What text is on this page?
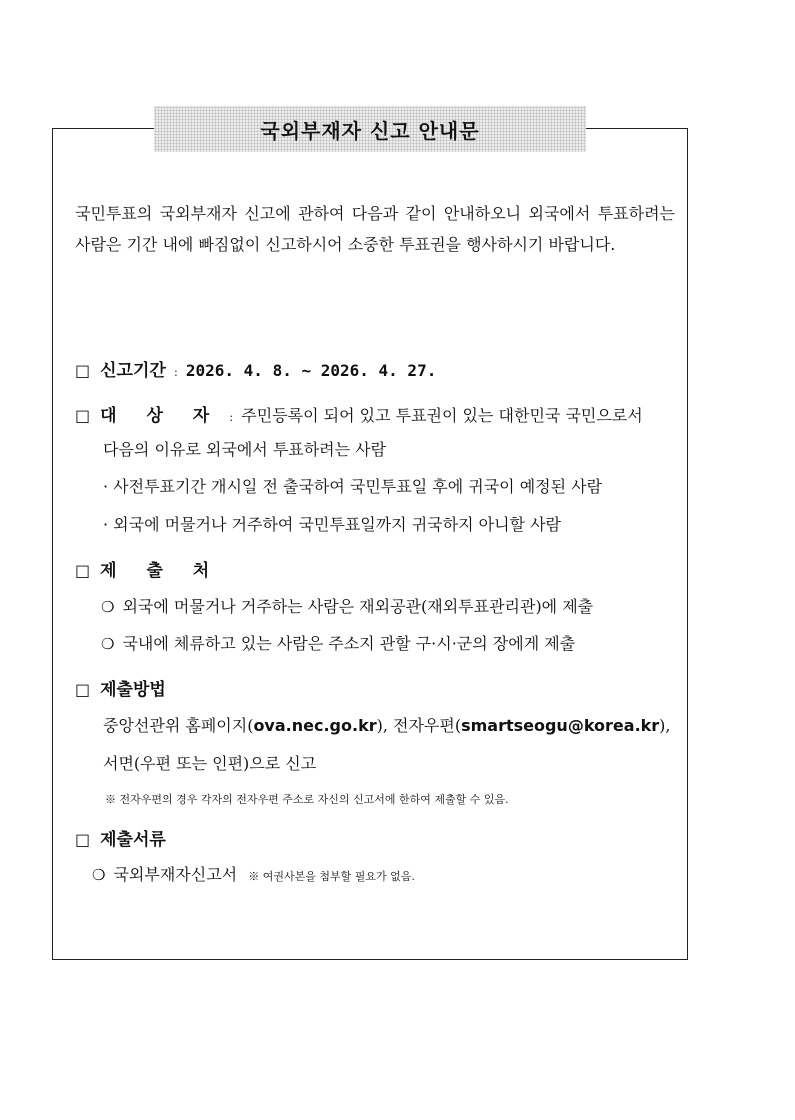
국외부재자 신고 안내문
국민투표의 국외부재자 신고에 관하여 다음과 같이 안내하오니 외국에서 투표하려는 사람은 기간 내에 빠짐없이 신고하시어 소중한 투표권을 행사하시기 바랍니다.
□ 신고기간 : 2026. 4. 8. ~ 2026. 4. 27.
□ 대 상 자 : 주민등록이 되어 있고 투표권이 있는 대한민국 국민으로서
다음의 이유로 외국에서 투표하려는 사람
· 사전투표기간 개시일 전 출국하여 국민투표일 후에 귀국이 예정된 사람
· 외국에 머물거나 거주하여 국민투표일까지 귀국하지 아니할 사람
□ 제 출 처
❍ 외국에 머물거나 거주하는 사람은 재외공관(재외투표관리관)에 제출
❍ 국내에 체류하고 있는 사람은 주소지 관할 구·시·군의 장에게 제출
□ 제출방법
중앙선관위 홈페이지(ova.nec.go.kr), 전자우편(smartseogu@korea.kr),
서면(우편 또는 인편)으로 신고
※ 전자우편의 경우 각자의 전자우편 주소로 자신의 신고서에 한하여 제출할 수 있음.
□ 제출서류
❍ 국외부재자신고서 ※ 여권사본을 첨부할 필요가 없음.
